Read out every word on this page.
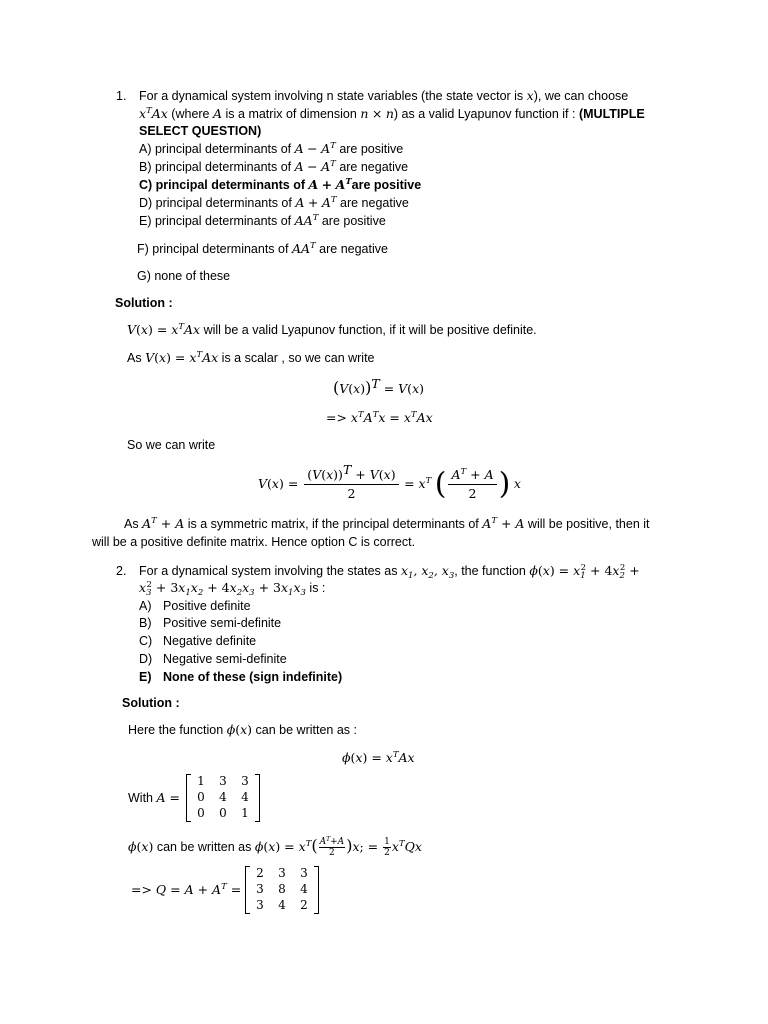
1. For a dynamical system involving n state variables (the state vector is x), we can choose
$x^TAx$ (where A is a matrix of dimension n × n) as a valid Lyapunov function if : (MULTIPLE
SELECT QUESTION)
A) principal determinants of $A - A^T$ are positive
B) principal determinants of $A - A^T$ are negative
C) principal determinants of $A + A^Tare$ positive
D) principal determinants of $A + A^T$ are negative
E) principal determinants of $AA^T$ are positive
F) principal determinants of $AA^T$ are negative
G) none of these
Solution :
$V(x) = x^TAx$ will be a valid Lyapunov function, if it will be positive definite.
As $V(x) = x^TAx$ is a scalar , so we can write
$(V(x))^T = V(x)$
=> $x^TA^Tx = x^TAx$
So we can write
$V(x) = \frac{(V(x))^T + V(x)}{2} = x^T$ ( $\frac{A^T + A}{2}$ ) x
As $A^T + A$ is a symmetric matrix, if the principal determinants of $A^T + A$ will be positive, then it
will be a positive definite matrix. Hence option C is correct.
2. For a dynamical system involving the states as $x_1$, $x_2$, $x_3$, the function $\phi(x) = x_1^2 + 4x_2^2$ +
$x_3^2 + 3x_1x_2 + 4x_2x_3 + 3x_1x_3$ is :
A) Positive definite
B) Positive semi-definite
C) Negative definite
D) Negative semi-definite
E) None of these (sign indefinite)
Solution :
Here the function ϕ(x) can be written as :
$\phi(x) = x^TAx$
With A =
1	3	3
0	4	4
0	0	1
ϕ(x) can be written as $\phi(x) = x^T( \frac{A^T+A}{2} )x$; = $\frac{1}{2} x^TQx$
=> $Q = A + A^T$ =
2	3	3
3	8	4
3	4	2
